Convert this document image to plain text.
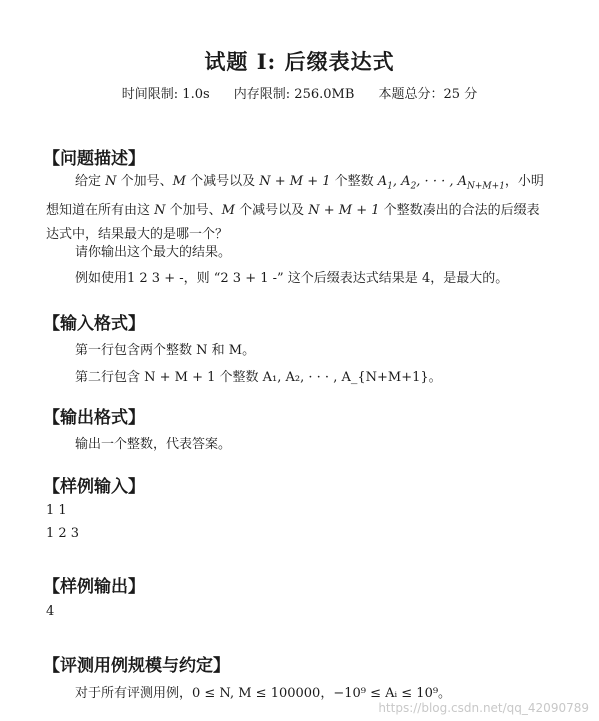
试题 I: 后缀表达式
时间限制: 1.0s 内存限制: 256.0MB 本题总分：25 分
【问题描述】
给定 N 个加号、M 个减号以及 N + M + 1 个整数 $A_1$, $A_2$, · · · , $A_{N+M+1}$，小明想知道在所有由这 N 个加号、M 个减号以及 N + M + 1 个整数凑出的合法的后缀表达式中，结果最大的是哪一个？
请你输出这个最大的结果。
例如使用1 2 3 + -，则 “2 3 + 1 -” 这个后缀表达式结果是 4，是最大的。
【输入格式】
第一行包含两个整数 N 和 M。
第二行包含 N + M + 1 个整数 A₁, A₂, · · · , A_{N+M+1}。
【输出格式】
输出一个整数，代表答案。
【样例输入】
1 1
1 2 3
【样例输出】
4
【评测用例规模与约定】
对于所有评测用例，0 ≤ N, M ≤ 100000，−10⁹ ≤ Aᵢ ≤ 10⁹。
https://blog.csdn.net/qq_42090789
